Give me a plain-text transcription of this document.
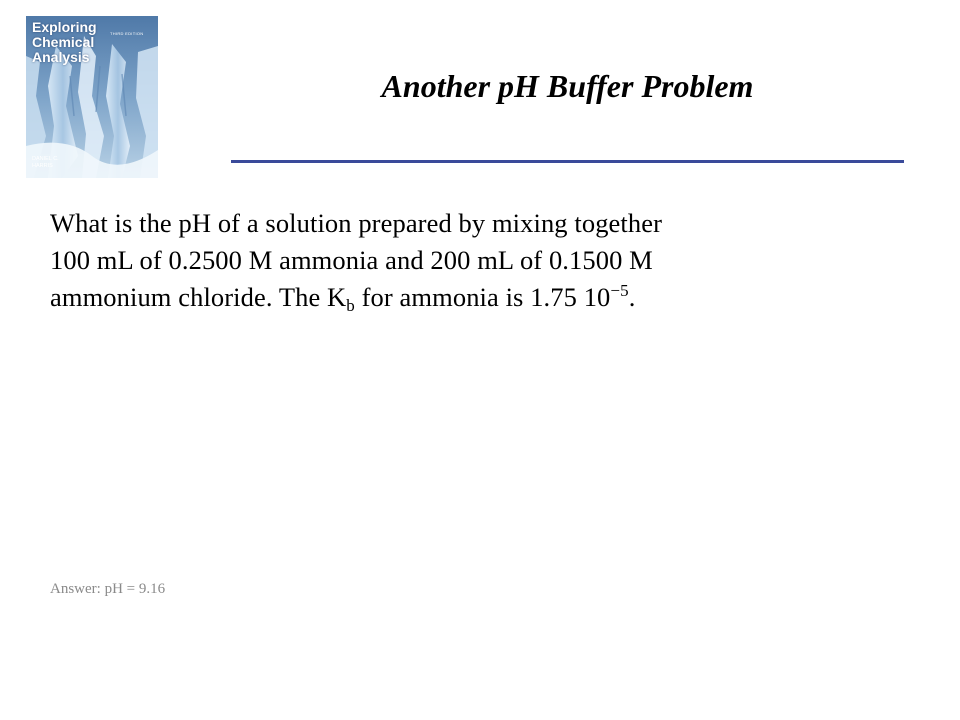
Exploring Chemical Analysis
THIRD EDITION
DANIEL C.
HARRIS
Another pH Buffer Problem
What is the pH of a solution prepared by mixing together
100 mL of 0.2500 M ammonia and 200 mL of 0.1500 M
ammonium chloride. The $K_b$ for ammonia is 1.75 $10^{-5}$.
Answer: pH = 9.16
